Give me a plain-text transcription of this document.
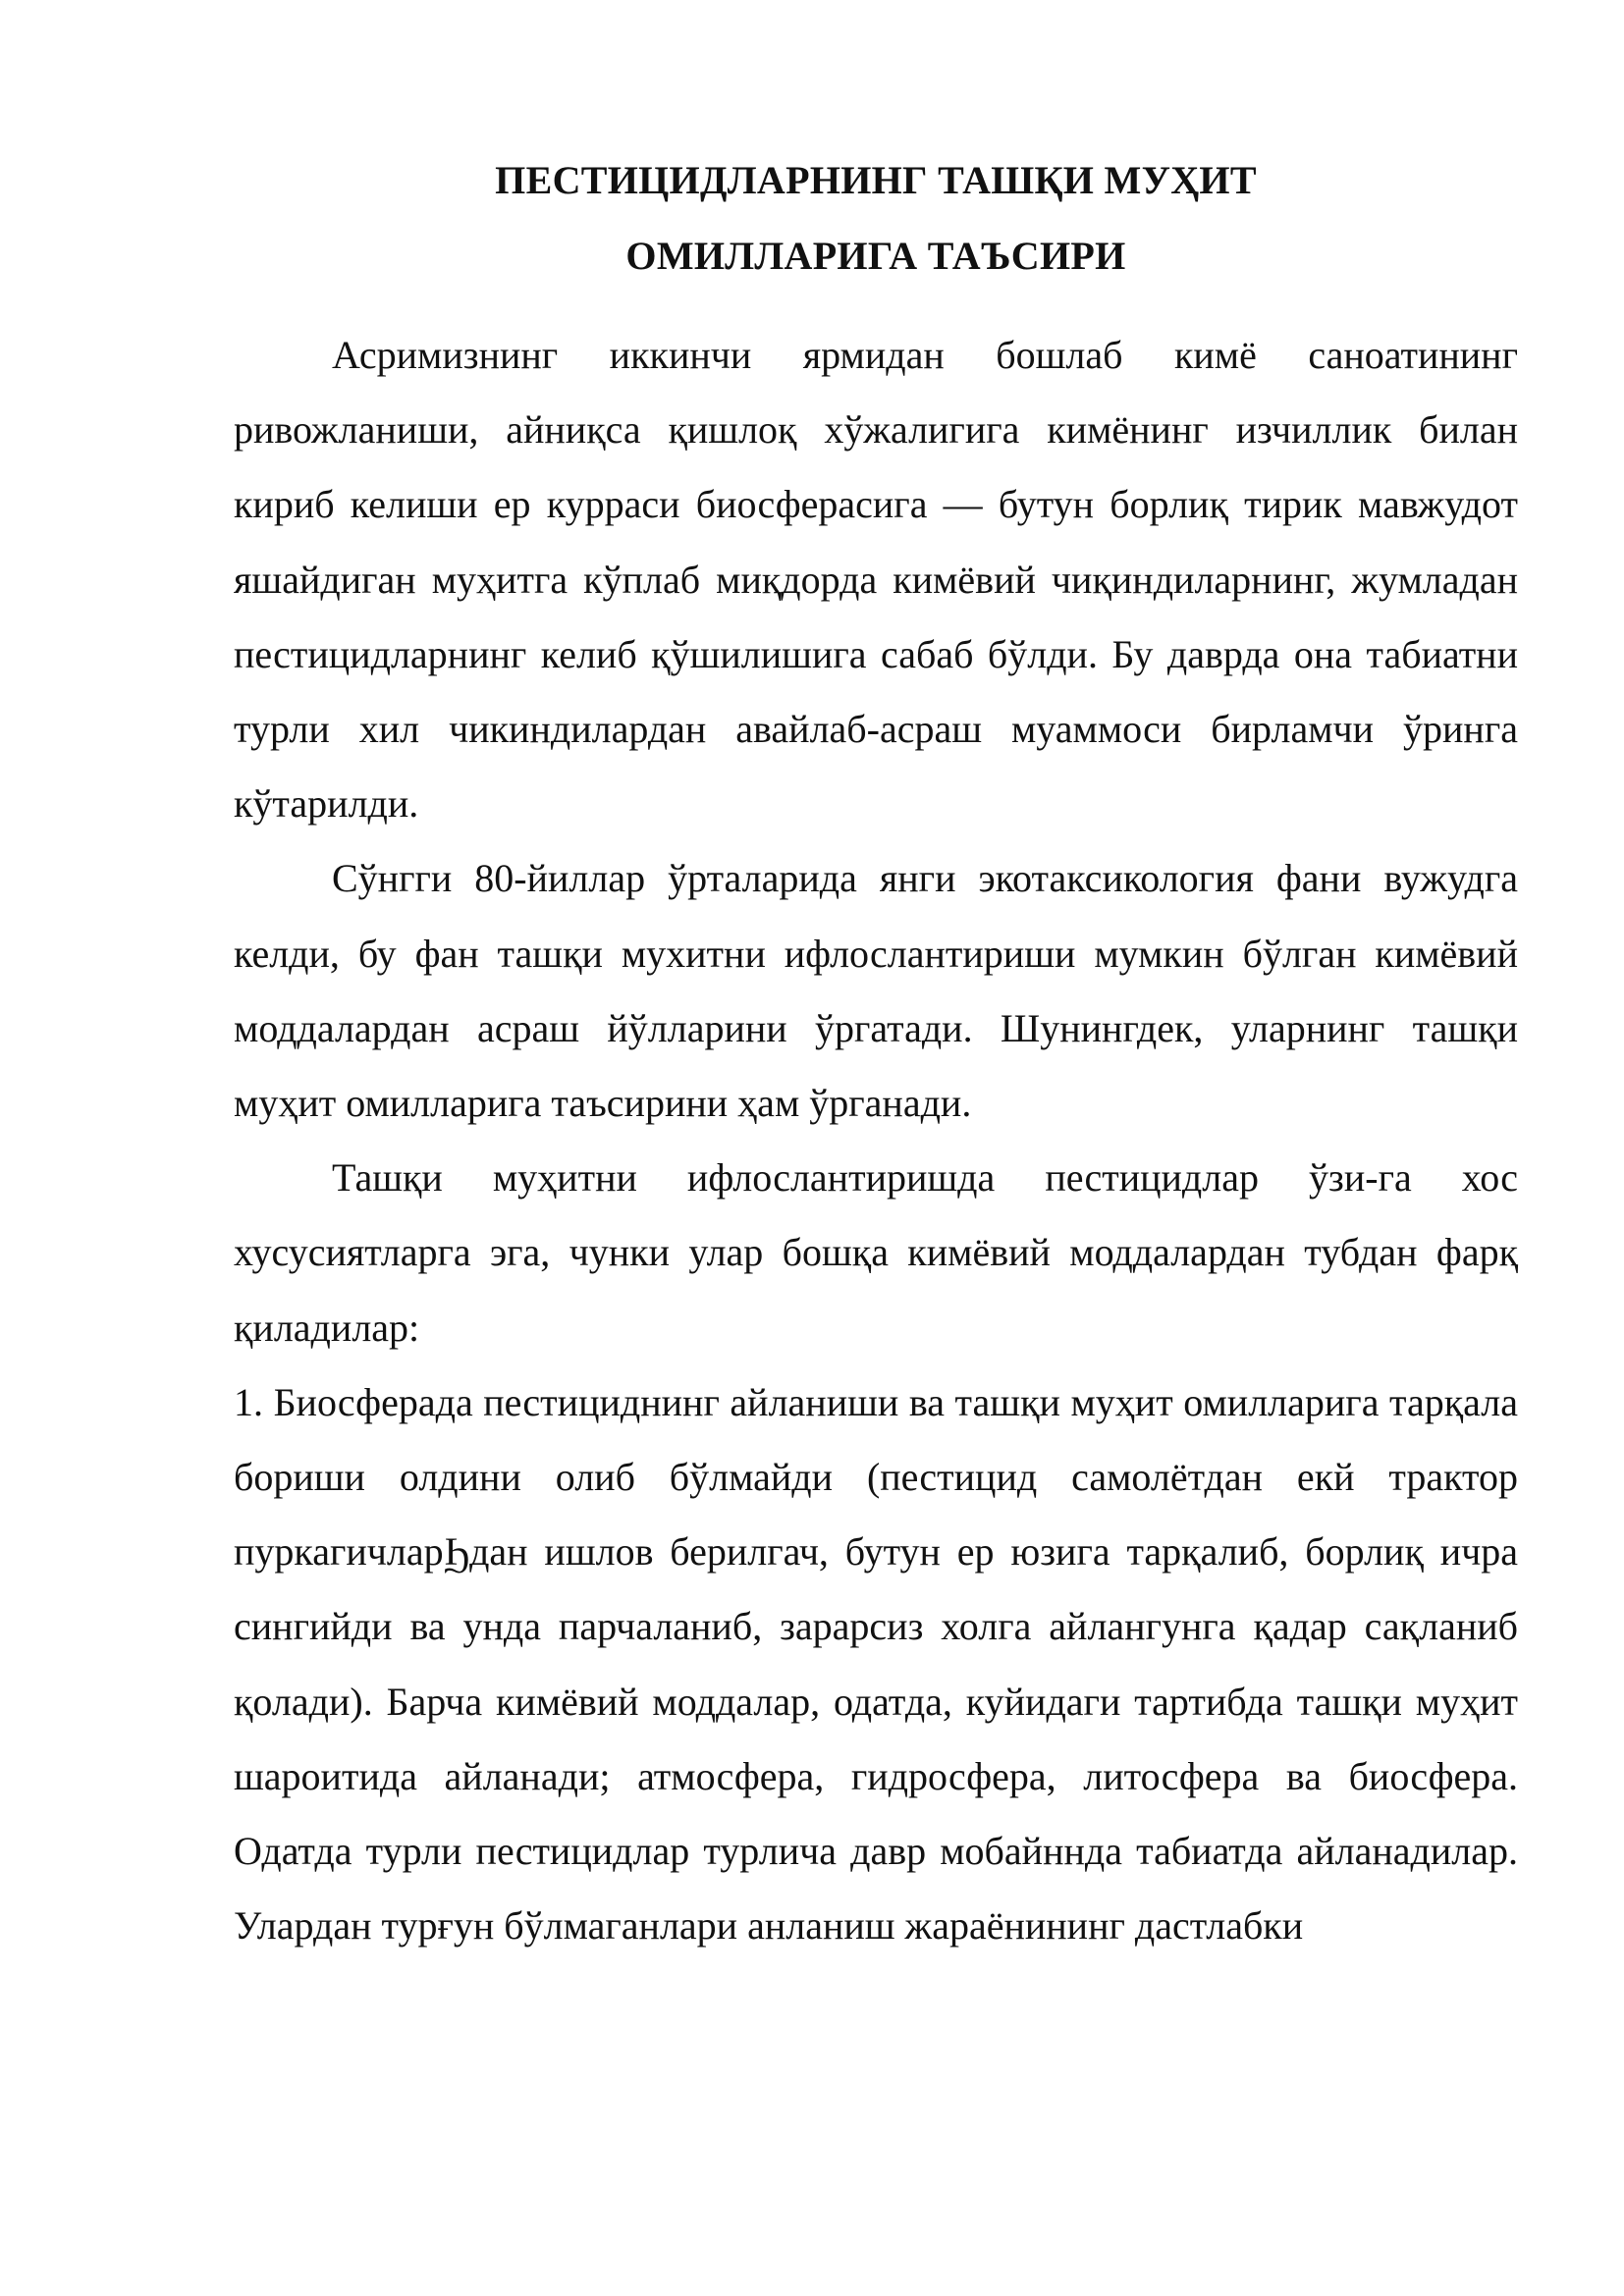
ПЕСТИЦИДЛАРНИНГ ТАШҚИ МУҲИТ
ОМИЛЛАРИГА ТАЪСИРИ

Асримизнинг иккинчи ярмидан бошлаб кимё саноатининг ривожланиши, айниқса қишлоқ хўжалигига кимёнинг изчиллик билан кириб келиши ер курраси биосферасига — бутун борлиқ тирик мавжудот яшайдиган муҳитга кўплаб миқдорда кимёвий чиқиндиларнинг, жумладан пестицидларнинг келиб қўшилишига сабаб бўлди. Бу даврда она табиатни турли хил чикиндилардан авайлаб-асраш муаммоси бирламчи ўринга кўтарилди.

Сўнгги 80-йиллар ўрталарида янги экотаксикология фани вужудга келди, бу фан ташқи мухитни ифлослантириши мумкин бўлган кимёвий моддалардан асраш йўлларини ўргатади. Шунингдек, уларнинг ташқи муҳит омилларига таъсирини ҳам ўрганади.

Ташқи муҳитни ифлослантиришда пестицидлар ўзи-га хос хусусиятларга эга, чунки улар бошқа кимёвий моддалардан тубдан фарқ қиладилар:

1. Биосферада пестициднинг айланиши ва ташқи муҳит омилларига тарқала бориши олдини олиб бўлмайди (пестицид самолётдан екй трактор пуркагичларϦдан ишлов берилгач, бутун ер юзига тарқалиб, борлиқ ичра сингийди ва унда парчаланиб, зарарсиз холга айлангунга қадар сақланиб қолади). Барча кимёвий моддалар, одатда, куйидаги тартибда ташқи муҳит шароитида айланади; атмосфера, гидросфера, литосфера ва биосфера. Одатда турли пестицидлар турлича давр мобайннда табиатда айланадилар. Улардан турғун бўлмаганлари анланиш жараёнининг дастлабки
